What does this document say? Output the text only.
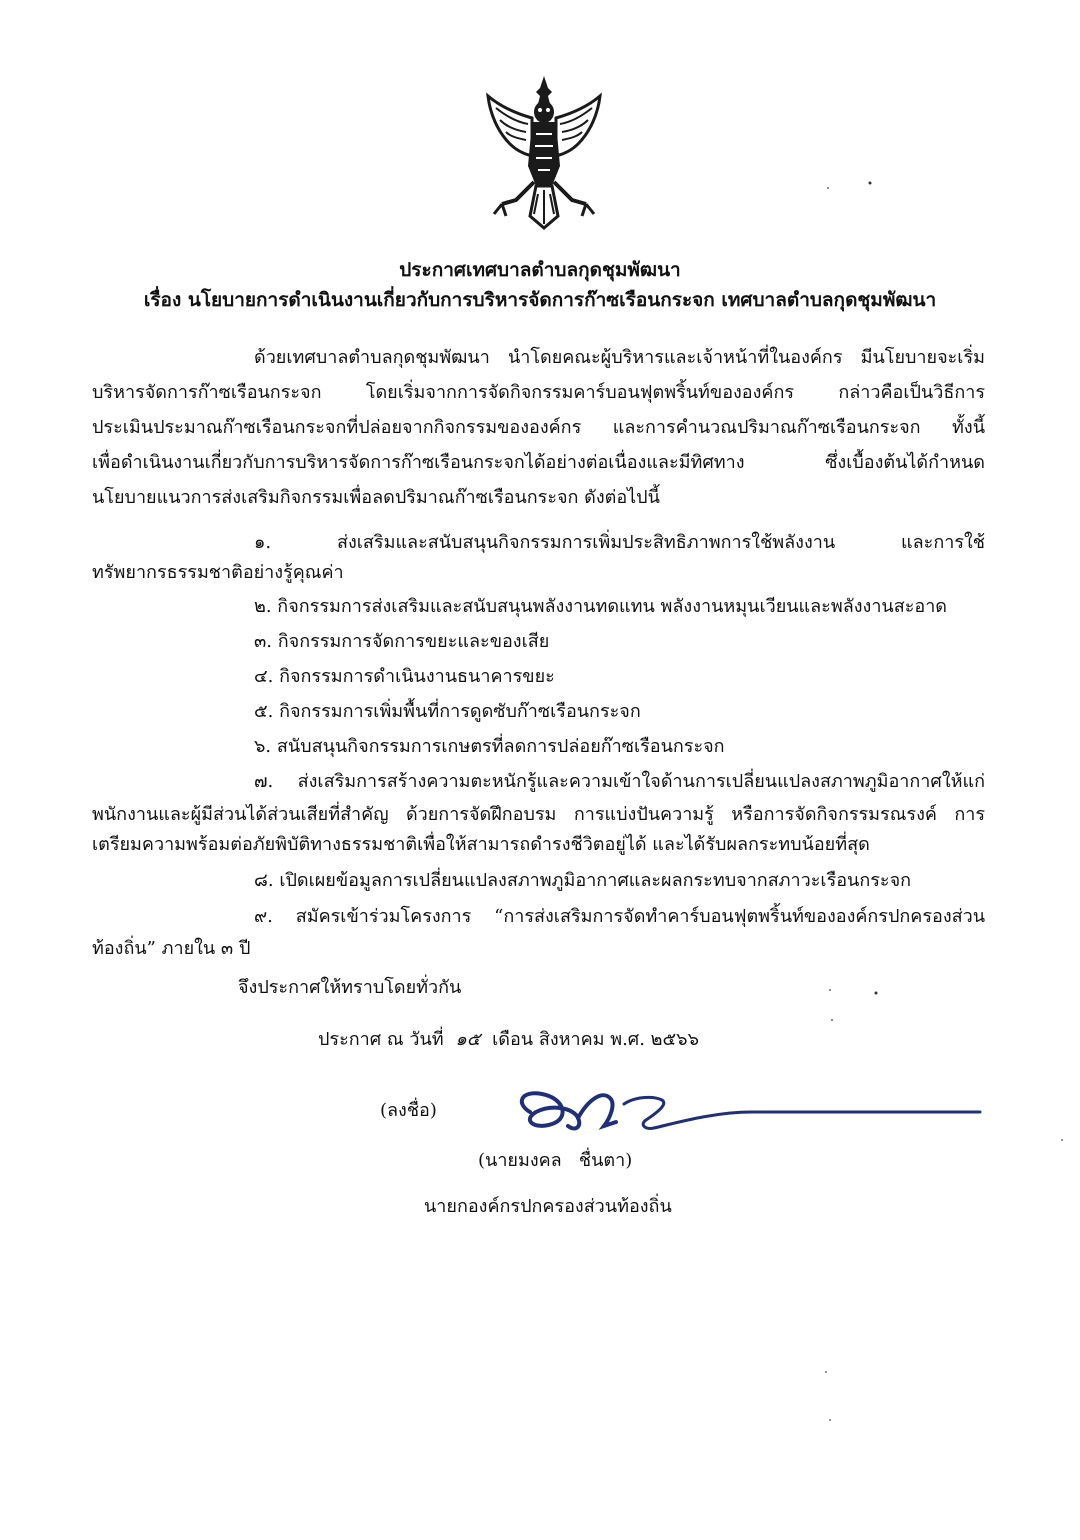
ประกาศเทศบาลตำบลกุดชุมพัฒนา
เรื่อง นโยบายการดำเนินงานเกี่ยวกับการบริหารจัดการก๊าซเรือนกระจก เทศบาลตำบลกุดชุมพัฒนา
ด้วยเทศบาลตำบลกุดชุมพัฒนา นำโดยคณะผู้บริหารและเจ้าหน้าที่ในองค์กร มีนโยบายจะเริ่ม
บริหารจัดการก๊าซเรือนกระจก โดยเริ่มจากการจัดกิจกรรมคาร์บอนฟุตพริ้นท์ขององค์กร กล่าวคือเป็นวิธีการ
ประเมินประมาณก๊าซเรือนกระจกที่ปล่อยจากกิจกรรมขององค์กร และการคำนวณปริมาณก๊าซเรือนกระจก ทั้งนี้
เพื่อดำเนินงานเกี่ยวกับการบริหารจัดการก๊าซเรือนกระจกได้อย่างต่อเนื่องและมีทิศทาง ซึ่งเบื้องต้นได้กำหนด
นโยบายแนวการส่งเสริมกิจกรรมเพื่อลดปริมาณก๊าซเรือนกระจก ดังต่อไปนี้
๑. ส่งเสริมและสนับสนุนกิจกรรมการเพิ่มประสิทธิภาพการใช้พลังงาน และการใช้
ทรัพยากรธรรมชาติอย่างรู้คุณค่า
๒. กิจกรรมการส่งเสริมและสนับสนุนพลังงานทดแทน พลังงานหมุนเวียนและพลังงานสะอาด
๓. กิจกรรมการจัดการขยะและของเสีย
๔. กิจกรรมการดำเนินงานธนาคารขยะ
๕. กิจกรรมการเพิ่มพื้นที่การดูดซับก๊าซเรือนกระจก
๖. สนับสนุนกิจกรรมการเกษตรที่ลดการปล่อยก๊าซเรือนกระจก
๗. ส่งเสริมการสร้างความตะหนักรู้และความเข้าใจด้านการเปลี่ยนแปลงสภาพภูมิอากาศให้แก่
พนักงานและผู้มีส่วนได้ส่วนเสียที่สำคัญ ด้วยการจัดฝึกอบรม การแบ่งปันความรู้ หรือการจัดกิจกรรมรณรงค์ การ
เตรียมความพร้อมต่อภัยพิบัติทางธรรมชาติเพื่อให้สามารถดำรงชีวิตอยู่ได้ และได้รับผลกระทบน้อยที่สุด
๘. เปิดเผยข้อมูลการเปลี่ยนแปลงสภาพภูมิอากาศและผลกระทบจากสภาวะเรือนกระจก
๙. สมัครเข้าร่วมโครงการ “การส่งเสริมการจัดทำคาร์บอนฟุตพริ้นท์ขององค์กรปกครองส่วน
ท้องถิ่น” ภายใน ๓ ปี
จึงประกาศให้ทราบโดยทั่วกัน
ประกาศ ณ วันที่ ๑๕ เดือน สิงหาคม พ.ศ. ๒๕๖๖
(ลงชื่อ)
(นายมงคล   ชื่นตา)
นายกองค์กรปกครองส่วนท้องถิ่น
